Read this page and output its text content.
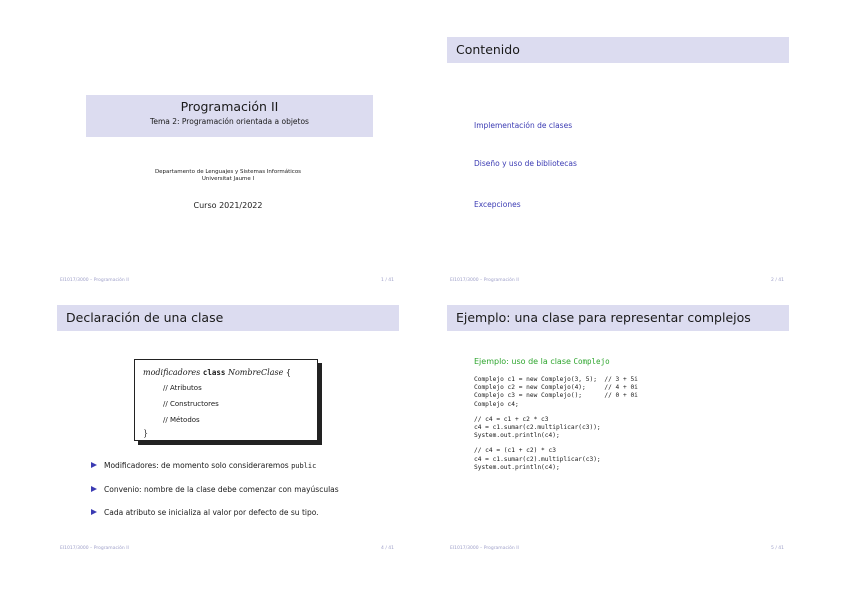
Programación II
Tema 2: Programación orientada a objetos
Departamento de Lenguajes y Sistemas Informáticos
Universitat Jaume I
Curso 2021/2022
EI1017/3000 – Programación II	1 / 41
Contenido
Implementación de clases
Diseño y uso de bibliotecas
Excepciones
EI1017/3000 – Programación II	2 / 41
Declaración de una clase
modificadores class NombreClase {
// Atributos
// Constructores
// Métodos
}
Modificadores: de momento solo consideraremos public
Convenio: nombre de la clase debe comenzar con mayúsculas
Cada atributo se inicializa al valor por defecto de su tipo.
EI1017/3000 – Programación II	4 / 41
Ejemplo: una clase para representar complejos
Ejemplo: uso de la clase Complejo
Complejo c1 = new Complejo(3, 5);  // 3 + 5i
Complejo c2 = new Complejo(4);     // 4 + 0i
Complejo c3 = new Complejo();      // 0 + 0i
Complejo c4;
// c4 = c1 + c2 * c3
c4 = c1.sumar(c2.multiplicar(c3));
System.out.println(c4);
// c4 = (c1 + c2) * c3
c4 = c1.sumar(c2).multiplicar(c3);
System.out.println(c4);
EI1017/3000 – Programación II	5 / 41
